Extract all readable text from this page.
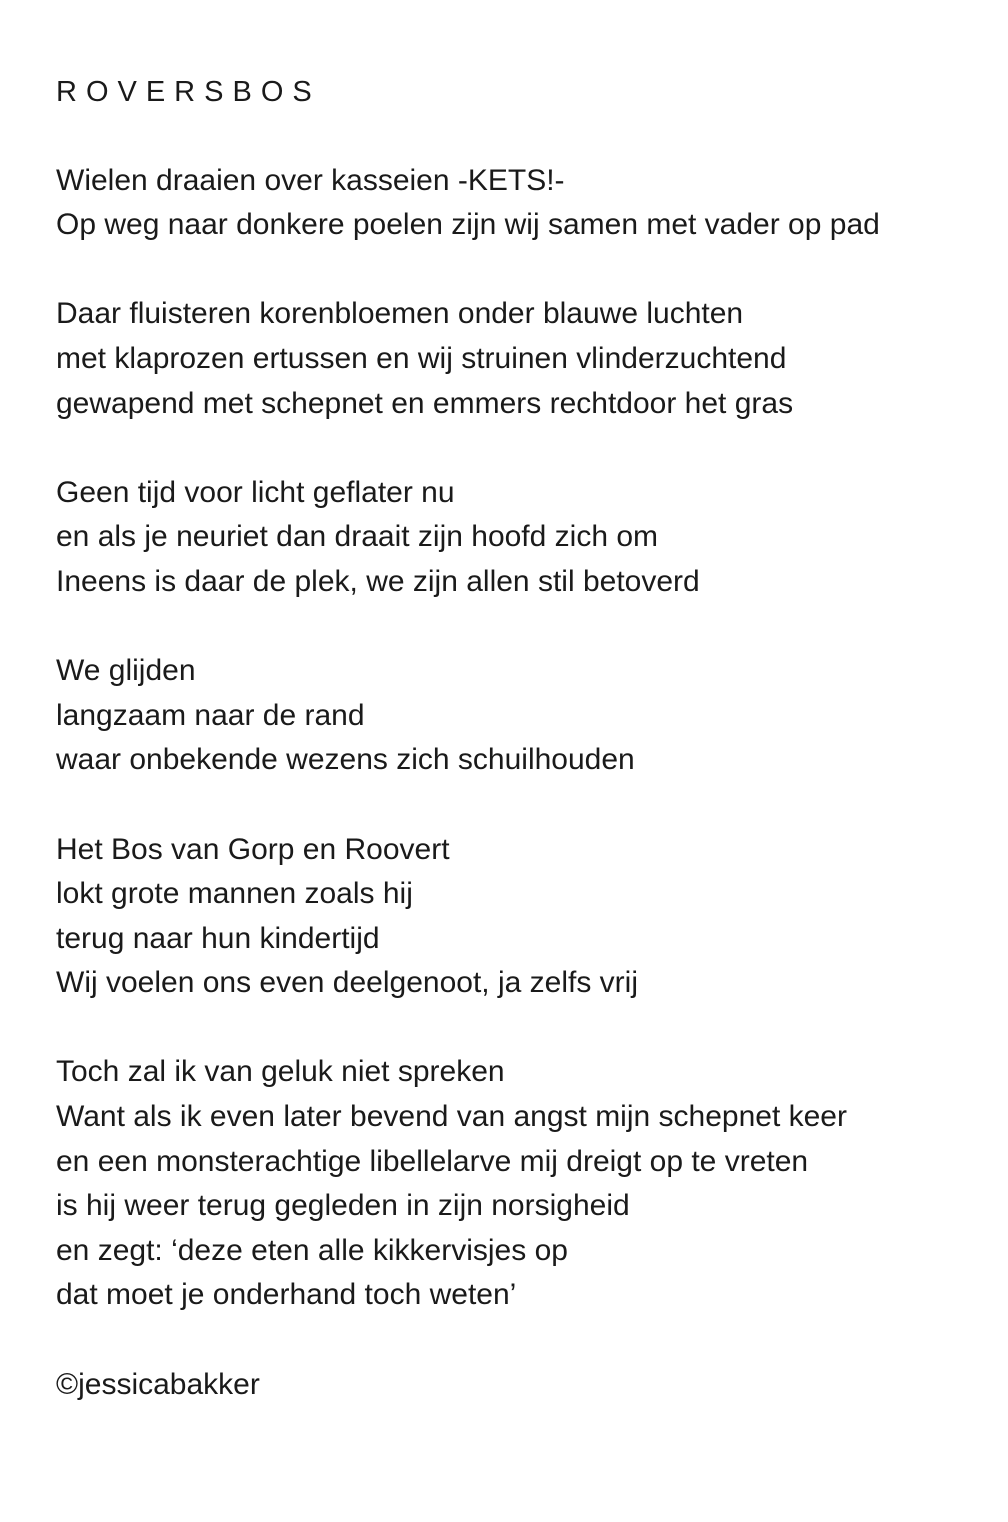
ROVERSBOS
Wielen draaien over kasseien -KETS!-
Op weg naar donkere poelen zijn wij samen met vader op pad
Daar fluisteren korenbloemen onder blauwe luchten
met klaprozen ertussen en wij struinen vlinderzuchtend
gewapend met schepnet en emmers rechtdoor het gras
Geen tijd voor licht geflater nu
en als je neuriet dan draait zijn hoofd zich om
Ineens is daar de plek, we zijn allen stil betoverd
We glijden
langzaam naar de rand
waar onbekende wezens zich schuilhouden
Het Bos van Gorp en Roovert
lokt grote mannen zoals hij
terug naar hun kindertijd
Wij voelen ons even deelgenoot, ja zelfs vrij
Toch zal ik van geluk niet spreken
Want als ik even later bevend van angst mijn schepnet keer
en een monsterachtige libellelarve mij dreigt op te vreten
is hij weer terug gegleden in zijn norsigheid
en zegt: ‘deze eten alle kikkervisjes op
dat moet je onderhand toch weten’
©jessicabakker
